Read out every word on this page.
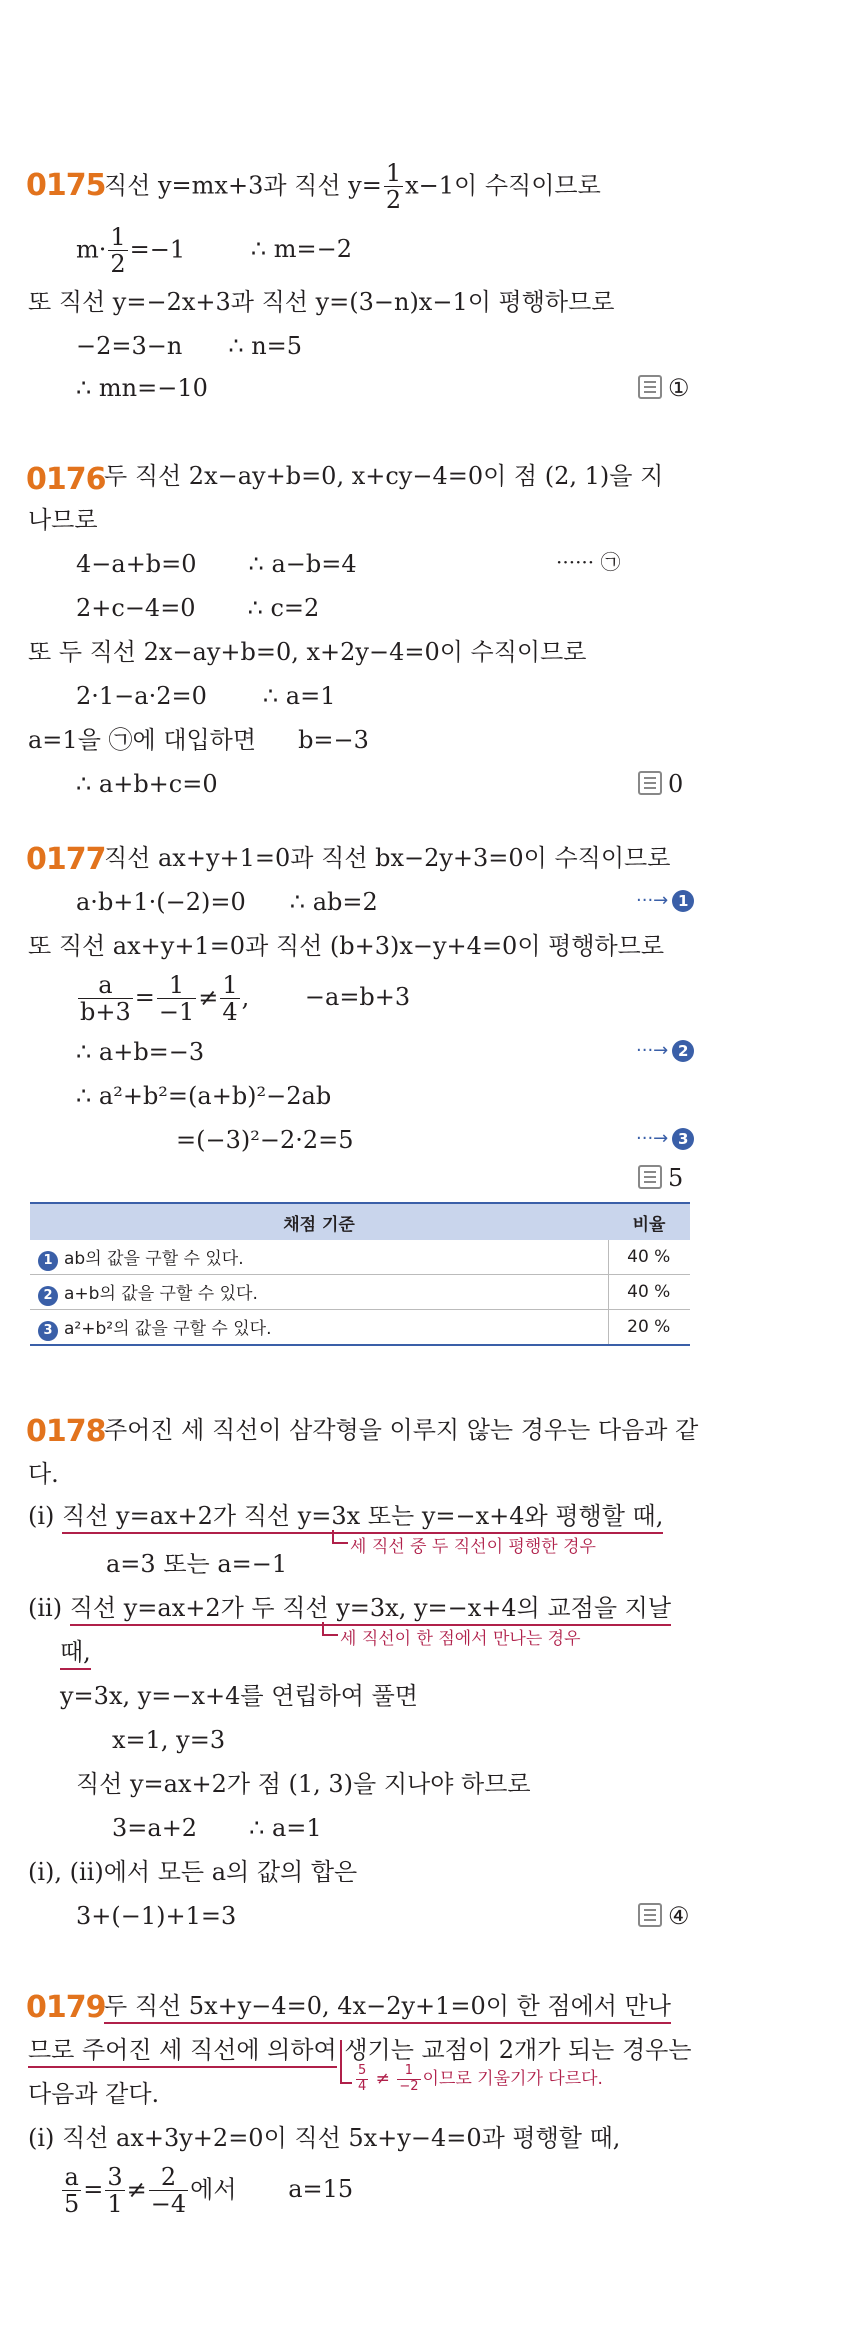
0175
직선 y=mx+3과 직선 $y= \frac{1}{2} x-1$이 수직이므로
$m\cdot \frac{1}{2} =-1$	∴ m=−2
또 직선 y=−2x+3과 직선 y=(3−n)x−1이 평행하므로
−2=3−n ∴ n=5
∴ mn=−10	①
0176
두 직선 2x−ay+b=0, x+cy−4=0이 점 (2, 1)을 지
나므로
4−a+b=0 ∴ a−b=4	······ ㉠
2+c−4=0 ∴ c=2
또 두 직선 2x−ay+b=0, x+2y−4=0이 수직이므로
2·1−a·2=0 ∴ a=1
a=1을 ㉠에 대입하면 b=−3
∴ a+b+c=0	0
0177
직선 ax+y+1=0과 직선 bx−2y+3=0이 수직이므로
a·b+1·(−2)=0 ∴ ab=2	···→ 1
또 직선 ax+y+1=0과 직선 (b+3)x−y+4=0이 평행하므로
$\frac{a}{b+3} = \frac{1}{-1} \ne \frac{1}{4}$ , −a=b+3
∴ a+b=−3	···→ 2
∴ a²+b²=(a+b)²−2ab
=(−3)²−2·2=5	···→ 3
5
채점 기준	비율
1 ab의 값을 구할 수 있다.	40 %
2 a+b의 값을 구할 수 있다.	40 %
3 a²+b²의 값을 구할 수 있다.	20 %
0178
주어진 세 직선이 삼각형을 이루지 않는 경우는 다음과 같
다.
(i) 직선 y=ax+2가 직선 y=3x 또는 y=−x+4와 평행할 때,
세 직선 중 두 직선이 평행한 경우
a=3 또는 a=−1
(ii) 직선 y=ax+2가 두 직선 y=3x, y=−x+4의 교점을 지날
세 직선이 한 점에서 만나는 경우
때,
y=3x, y=−x+4를 연립하여 풀면
x=1, y=3
직선 y=ax+2가 점 (1, 3)을 지나야 하므로
3=a+2 ∴ a=1
(i), (ii)에서 모든 a의 값의 합은
3+(−1)+1=3	④
0179
두 직선 5x+y−4=0, 4x−2y+1=0이 한 점에서 만나
므로 주어진 세 직선에 의하여 생기는 교점이 2개가 되는 경우는
$\frac{5}{4} \ne \frac{1}{-2}$ 이므로 기울기가 다르다.
다음과 같다.
(i) 직선 ax+3y+2=0이 직선 5x+y−4=0과 평행할 때,
$\frac{a}{5} = \frac{3}{1} \ne \frac{2}{-4}$ 에서 a=15
